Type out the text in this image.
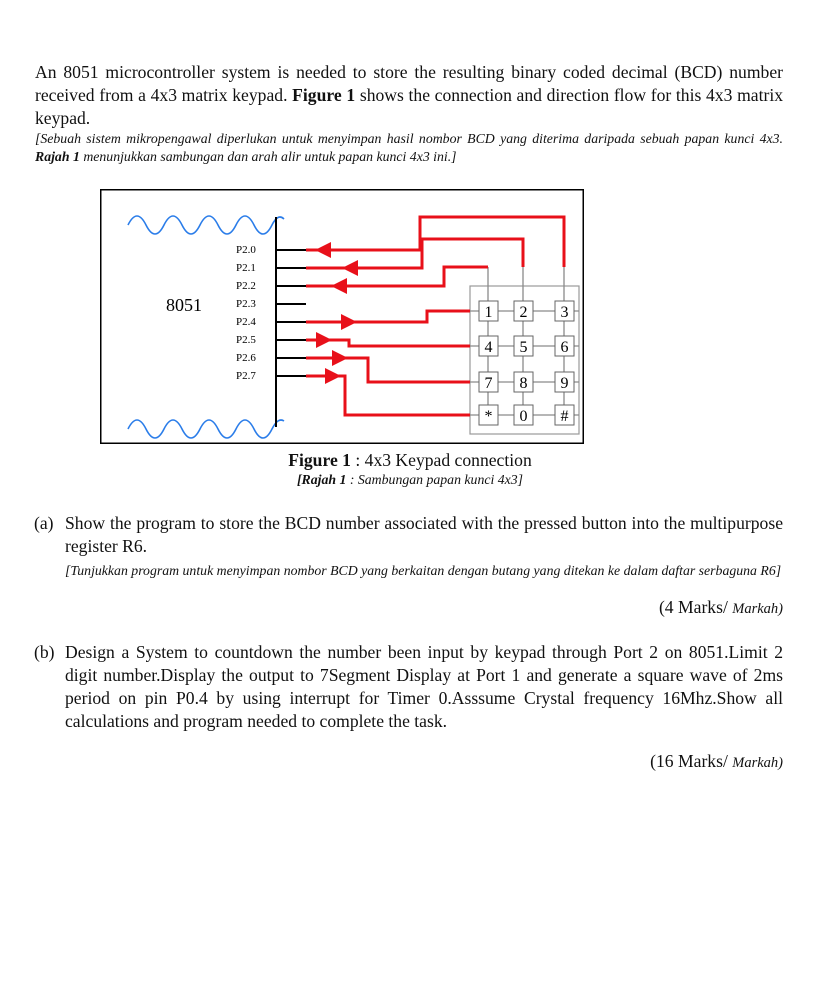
An 8051 microcontroller system is needed to store the resulting binary coded decimal (BCD) number received from a 4x3 matrix keypad. Figure 1 shows the connection and direction flow for this 4x3 matrix keypad.
[Sebuah sistem mikropengawal diperlukan untuk menyimpan hasil nombor BCD yang diterima daripada sebuah papan kunci 4x3. Rajah 1 menunjukkan sambungan dan arah alir untuk papan kunci 4x3 ini.]
8051
P2.0
P2.1
P2.2
P2.3
P2.4
P2.5
P2.6
P2.7
1 2 3
4 5 6
7 8 9
* 0 #
Figure 1 : 4x3 Keypad connection
[Rajah 1 : Sambungan papan kunci 4x3]
(a) Show the program to store the BCD number associated with the pressed button into the multipurpose register R6.
[Tunjukkan program untuk menyimpan nombor BCD yang berkaitan dengan butang yang ditekan ke dalam daftar serbaguna R6]
(4 Marks/ Markah)
(b) Design a System to countdown the number been input by keypad through Port 2 on 8051.Limit 2 digit number.Display the output to 7Segment Display at Port 1 and generate a square wave of 2ms period on pin P0.4 by using interrupt for Timer 0.Asssume Crystal frequency 16Mhz.Show all calculations and program needed to complete the task.
(16 Marks/ Markah)
